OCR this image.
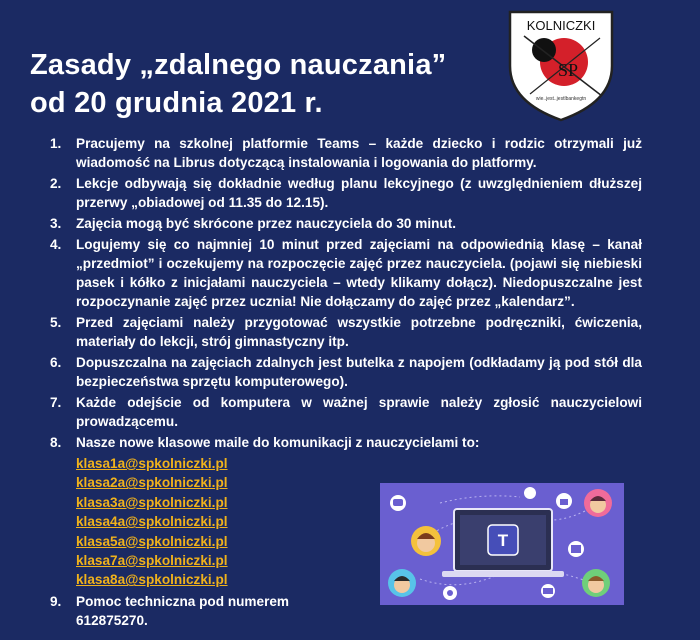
Zasady „zdalnego nauczania”
od 20 grudnia 2021 r.
KOLNICZKI
SP
wie..jest..jestlbankegtn
1.	Pracujemy na szkolnej platformie Teams – każde dziecko i rodzic otrzymali już wiadomość na Librus dotyczącą instalowania i logowania do platformy.
2.	Lekcje odbywają się dokładnie według planu lekcyjnego (z uwzględnieniem dłuższej przerwy „obiadowej od 11.35 do 12.15).
3.	Zajęcia mogą być skrócone przez nauczyciela do 30 minut.
4.	Logujemy się co najmniej 10 minut przed zajęciami na odpowiednią klasę – kanał „przedmiot” i oczekujemy na rozpoczęcie zajęć przez nauczyciela. (pojawi się niebieski pasek i kółko z inicjałami nauczyciela – wtedy klikamy dołącz). Niedopuszczalne jest rozpoczynanie zajęć przez ucznia! Nie dołączamy do zajęć przez „kalendarz”.
5.	Przed zajęciami należy przygotować wszystkie potrzebne podręczniki, ćwiczenia, materiały do lekcji, strój gimnastyczny itp.
6.	Dopuszczalna na zajęciach zdalnych jest butelka z napojem (odkładamy ją pod stół dla bezpieczeństwa sprzętu komputerowego).
7.	Każde odejście od komputera w ważnej sprawie należy zgłosić nauczycielowi prowadzącemu.
8.	Nasze nowe klasowe maile do komunikacji z nauczycielami to:
klasa1a@spkolniczki.pl
klasa2a@spkolniczki.pl
klasa3a@spkolniczki.pl
klasa4a@spkolniczki.pl
klasa5a@spkolniczki.pl
klasa7a@spkolniczki.pl
klasa8a@spkolniczki.pl
9.	Pomoc techniczna pod numerem 612875270.
T
